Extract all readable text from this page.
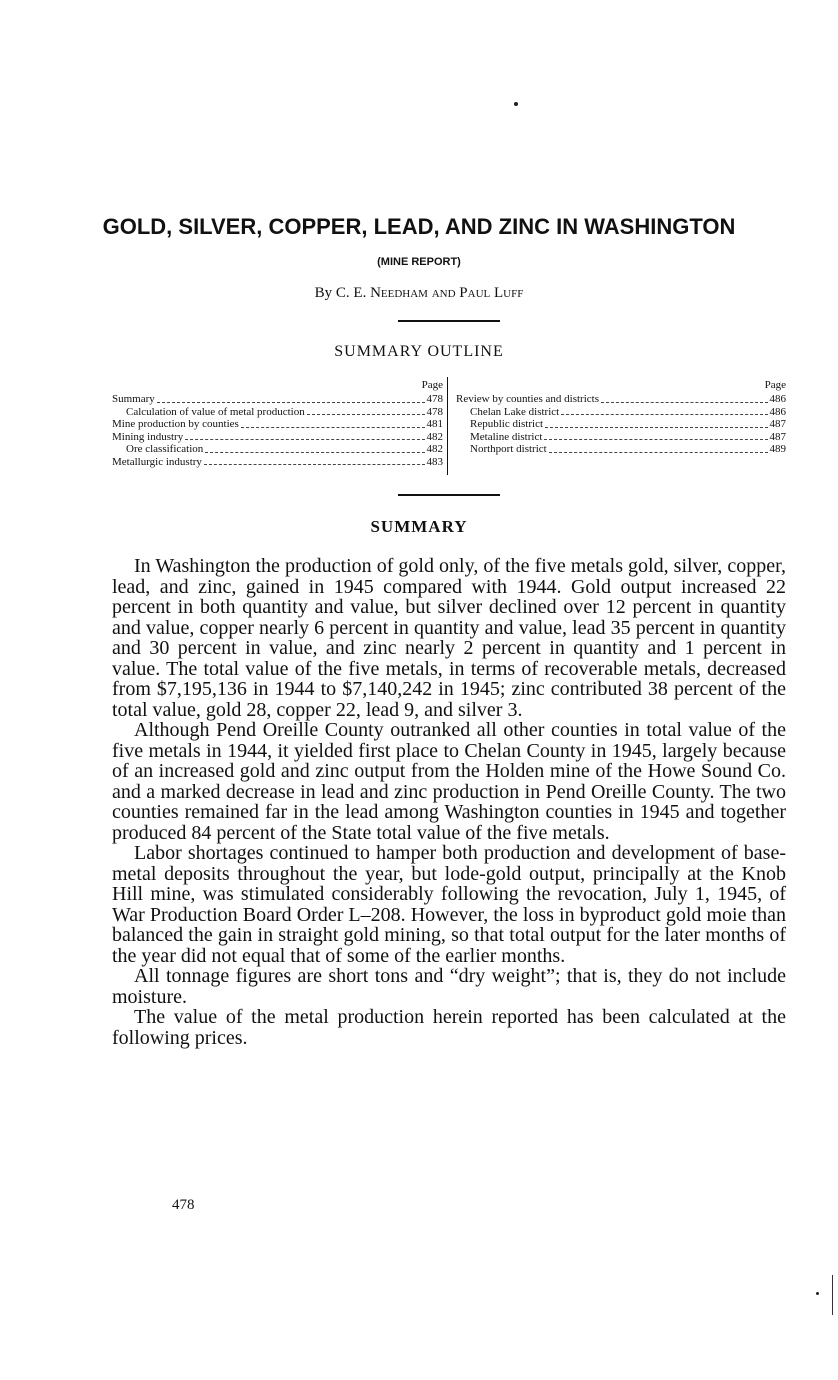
GOLD, SILVER, COPPER, LEAD, AND ZINC IN WASHINGTON
(MINE REPORT)
By C. E. Needham and Paul Luff
SUMMARY OUTLINE
Page
Summary	478
Calculation of value of metal production	478
Mine production by counties	481
Mining industry	482
Ore classification	482
Metallurgic industry	483
Page
Review by counties and districts	486
Chelan Lake district	486
Republic district	487
Metaline district	487
Northport district	489
SUMMARY

In Washington the production of gold only, of the five metals gold, silver, copper, lead, and zinc, gained in 1945 compared with 1944. Gold output increased 22 percent in both quantity and value, but silver declined over 12 percent in quantity and value, copper nearly 6 percent in quantity and value, lead 35 percent in quantity and 30 percent in value, and zinc nearly 2 percent in quantity and 1 percent in value. The total value of the five metals, in terms of recoverable metals, decreased from $7,195,136 in 1944 to $7,140,242 in 1945; zinc contributed 38 percent of the total value, gold 28, copper 22, lead 9, and silver 3.

Although Pend Oreille County outranked all other counties in total value of the five metals in 1944, it yielded first place to Chelan County in 1945, largely because of an increased gold and zinc output from the Holden mine of the Howe Sound Co. and a marked decrease in lead and zinc production in Pend Oreille County. The two counties remained far in the lead among Washington counties in 1945 and together produced 84 percent of the State total value of the five metals.

Labor shortages continued to hamper both production and development of base-metal deposits throughout the year, but lode-gold output, principally at the Knob Hill mine, was stimulated considerably following the revocation, July 1, 1945, of War Production Board Order L–208. However, the loss in byproduct gold moie than balanced the gain in straight gold mining, so that total output for the later months of the year did not equal that of some of the earlier months.

All tonnage figures are short tons and “dry weight”; that is, they do not include moisture.

The value of the metal production herein reported has been calculated at the following prices.

478
